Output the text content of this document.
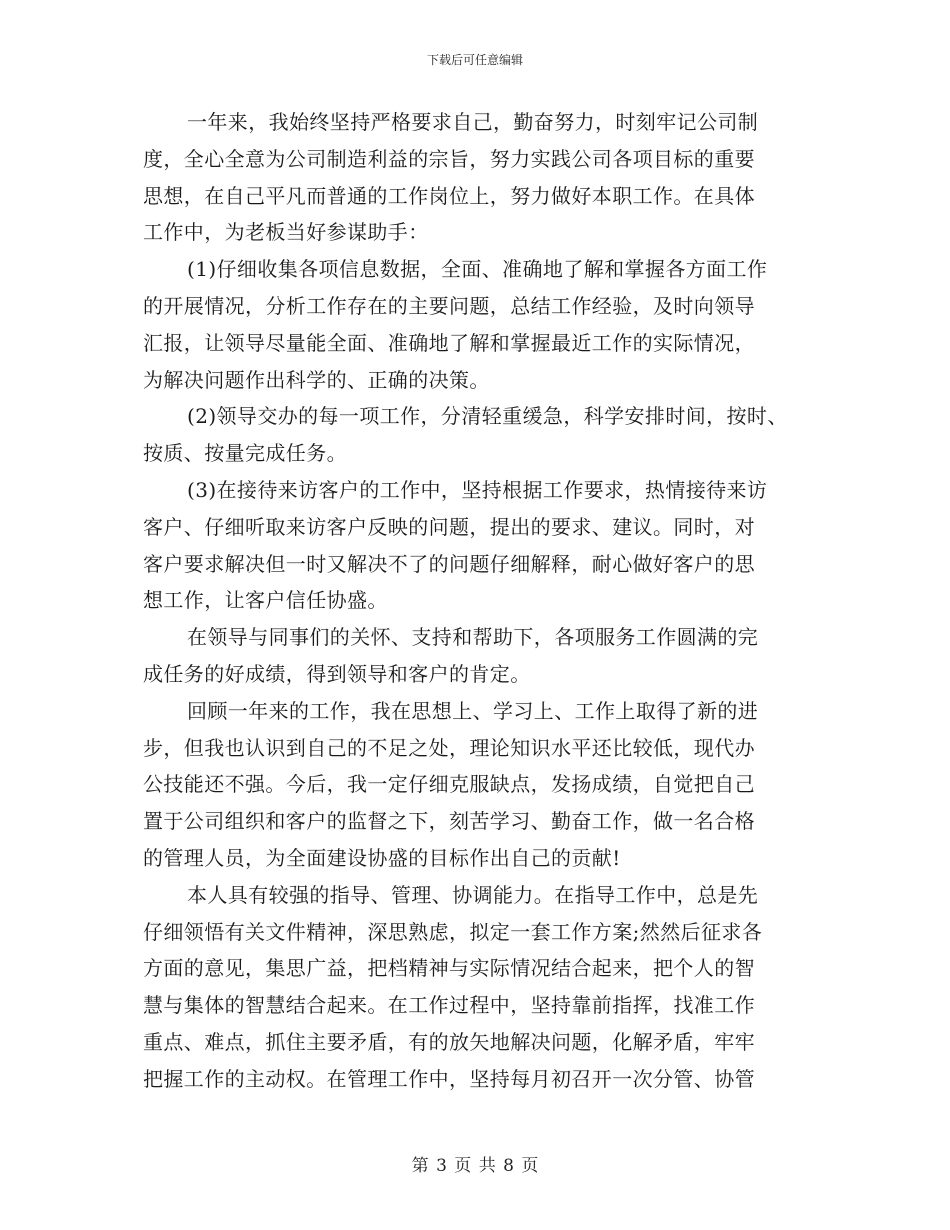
下载后可任意编辑
一年来，我始终坚持严格要求自己，勤奋努力，时刻牢记公司制
度，全心全意为公司制造利益的宗旨，努力实践公司各项目标的重要
思想，在自己平凡而普通的工作岗位上，努力做好本职工作。在具体
工作中，为老板当好参谋助手：
(1)仔细收集各项信息数据，全面、准确地了解和掌握各方面工作
的开展情况，分析工作存在的主要问题，总结工作经验，及时向领导
汇报，让领导尽量能全面、准确地了解和掌握最近工作的实际情况，
为解决问题作出科学的、正确的决策。
(2)领导交办的每一项工作，分清轻重缓急，科学安排时间，按时、
按质、按量完成任务。
(3)在接待来访客户的工作中，坚持根据工作要求，热情接待来访
客户、仔细听取来访客户反映的问题，提出的要求、建议。同时，对
客户要求解决但一时又解决不了的问题仔细解释，耐心做好客户的思
想工作，让客户信任协盛。
在领导与同事们的关怀、支持和帮助下，各项服务工作圆满的完
成任务的好成绩，得到领导和客户的肯定。
回顾一年来的工作，我在思想上、学习上、工作上取得了新的进
步，但我也认识到自己的不足之处，理论知识水平还比较低，现代办
公技能还不强。今后，我一定仔细克服缺点，发扬成绩，自觉把自己
置于公司组织和客户的监督之下，刻苦学习、勤奋工作，做一名合格
的管理人员，为全面建设协盛的目标作出自己的贡献!
本人具有较强的指导、管理、协调能力。在指导工作中，总是先
仔细领悟有关文件精神，深思熟虑，拟定一套工作方案;然然后征求各
方面的意见，集思广益，把档精神与实际情况结合起来，把个人的智
慧与集体的智慧结合起来。在工作过程中，坚持靠前指挥，找准工作
重点、难点，抓住主要矛盾，有的放矢地解决问题，化解矛盾，牢牢
把握工作的主动权。在管理工作中，坚持每月初召开一次分管、协管
第 3 页 共 8 页
